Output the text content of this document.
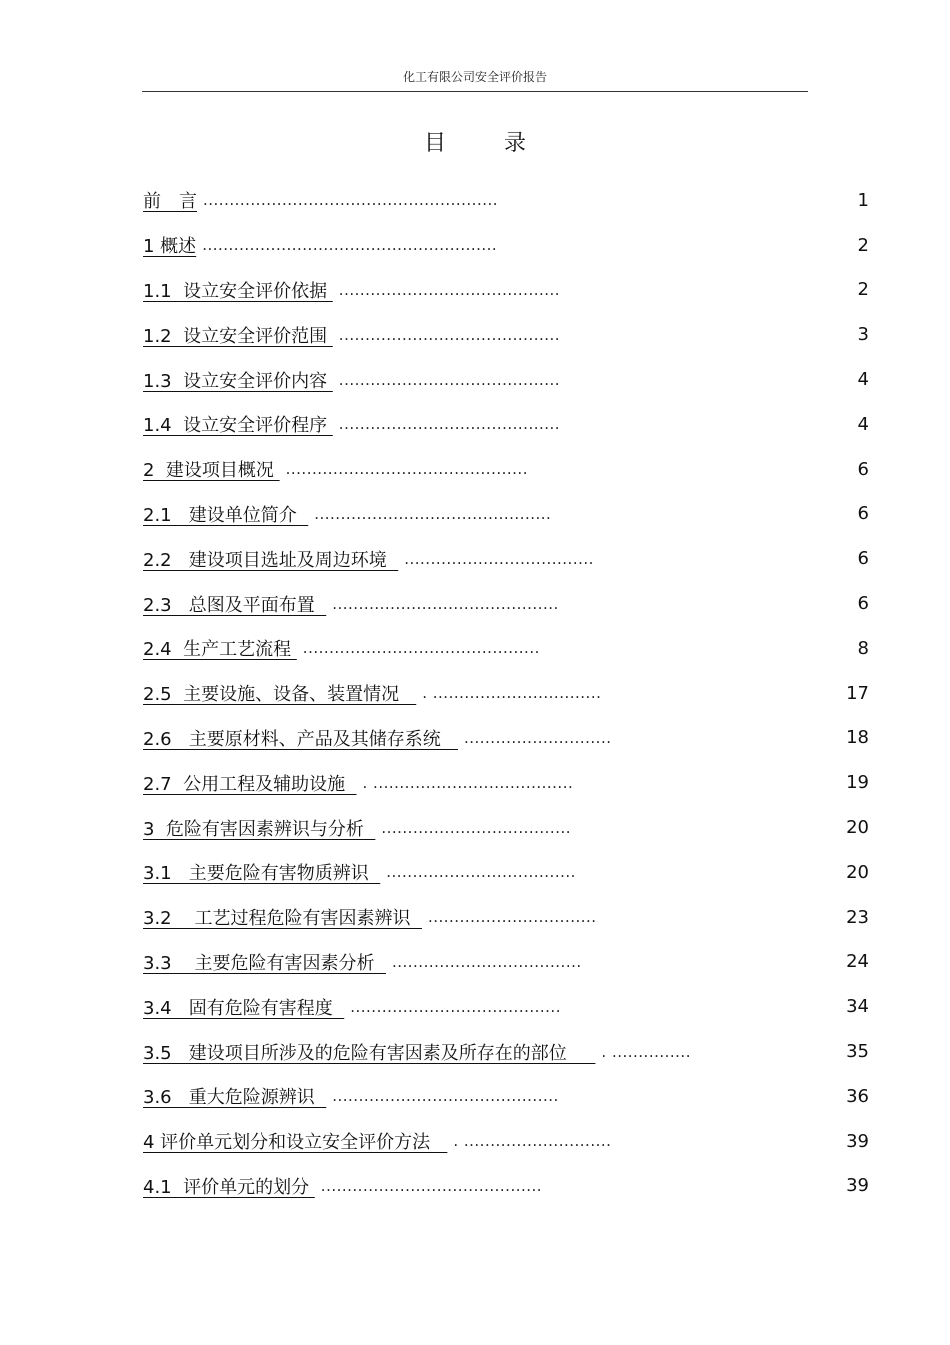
化工有限公司安全评价报告
目	录
前　言 ........................................................	1
1 概述 ........................................................	2
1.1  设立安全评价依据 ..........................................	2
1.2  设立安全评价范围 ..........................................	3
1.3  设立安全评价内容 ..........................................	4
1.4  设立安全评价程序 ..........................................	4
2  建设项目概况 ..............................................	6
2.1   建设单位简介 .............................................	6
2.2   建设项目选址及周边环境 ....................................	6
2.3   总图及平面布置 ...........................................	6
2.4  生产工艺流程 .............................................	8
2.5  主要设施、设备、装置情况 . ................................	17
2.6   主要原材料、产品及其储存系统 ............................	18
2.7  公用工程及辅助设施 . ......................................	19
3  危险有害因素辨识与分析 ....................................	20
3.1   主要危险有害物质辨识 ....................................	20
3.2    工艺过程危险有害因素辨识 ................................	23
3.3    主要危险有害因素分析 ....................................	24
3.4   固有危险有害程度 ........................................	34
3.5   建设项目所涉及的危险有害因素及所存在的部位 . ...............	35
3.6   重大危险源辨识 ...........................................	36
4 评价单元划分和设立安全评价方法 . ............................	39
4.1  评价单元的划分 ..........................................	39
